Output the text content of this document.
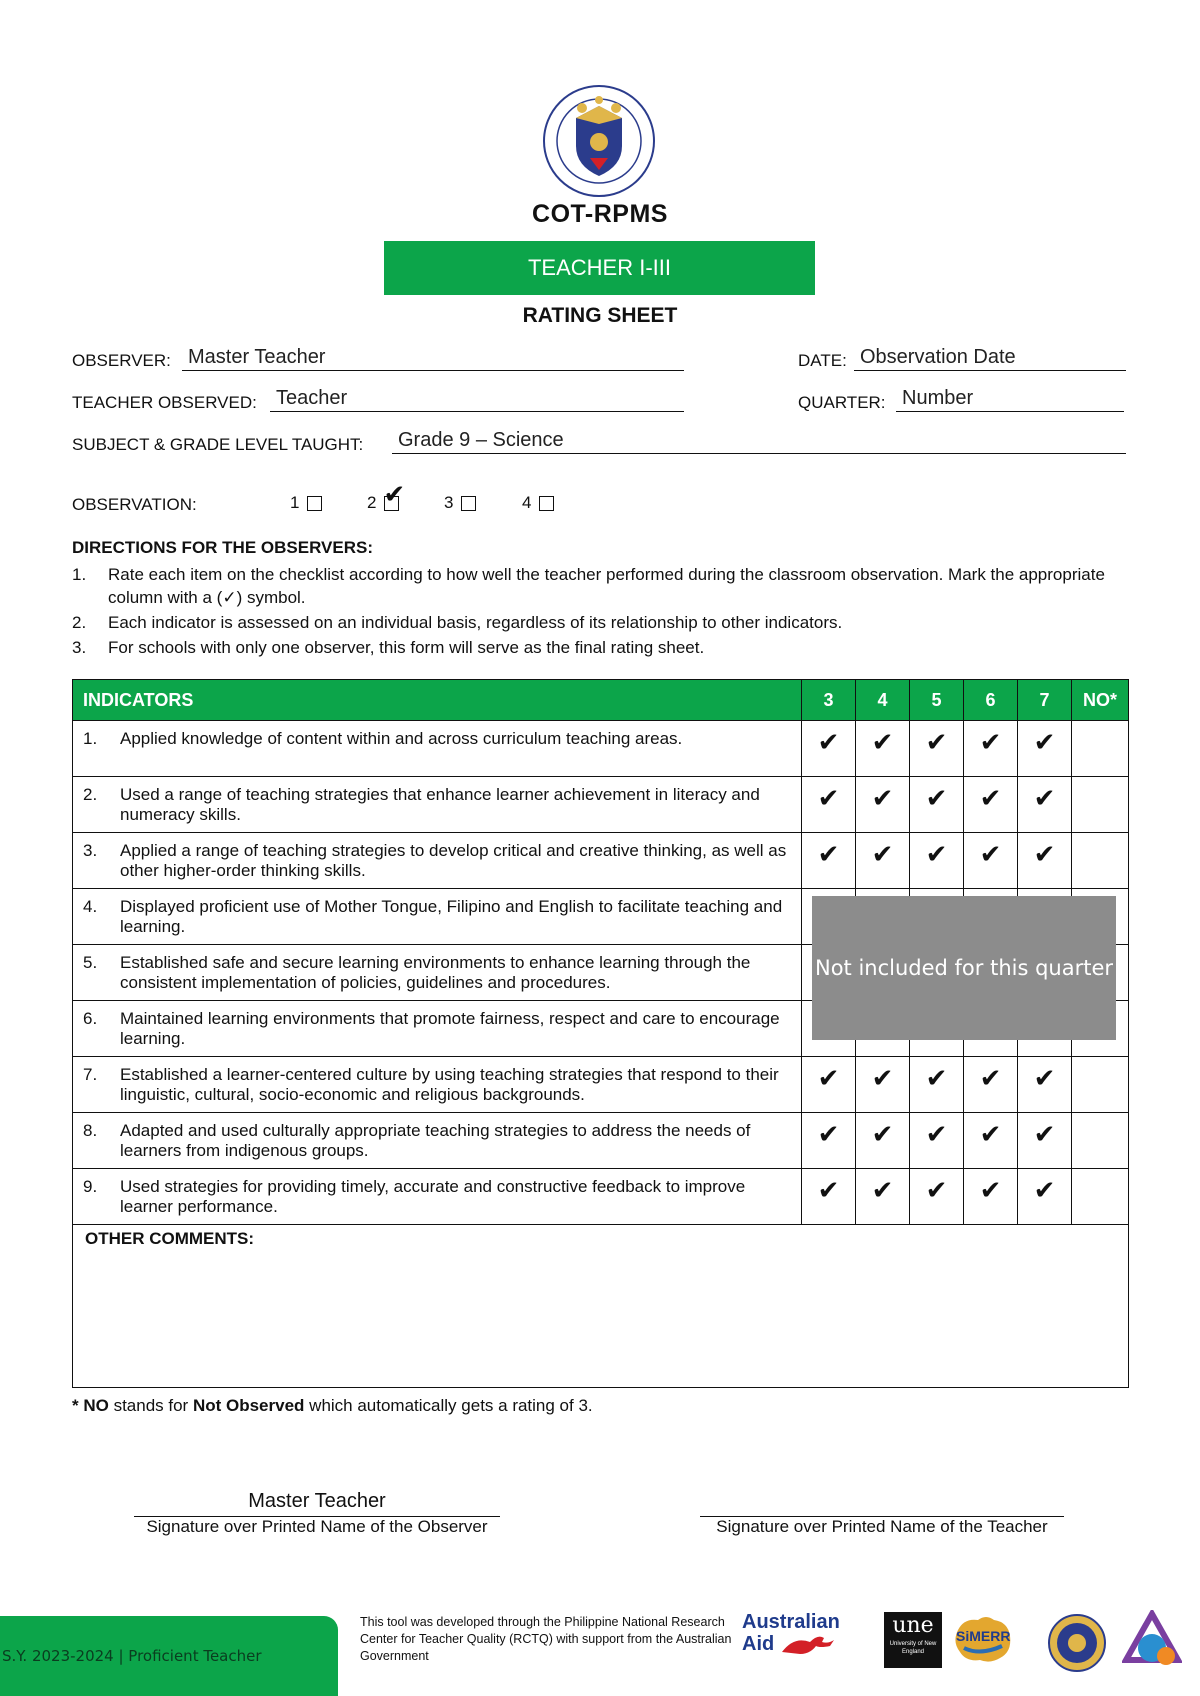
COT-RPMS
TEACHER I-III
RATING SHEET
OBSERVER: Master Teacher	DATE: Observation Date
TEACHER OBSERVED: Teacher	QUARTER: Number
SUBJECT & GRADE LEVEL TAUGHT: Grade 9 – Science
OBSERVATION:	1	2 ✔ 3	4
DIRECTIONS FOR THE OBSERVERS:
1. Rate each item on the checklist according to how well the teacher performed during the classroom observation. Mark the appropriate column with a (✓) symbol.
2. Each indicator is assessed on an individual basis, regardless of its relationship to other indicators.
3. For schools with only one observer, this form will serve as the final rating sheet.
INDICATORS	3	4	5	6	7	NO*

1. Applied knowledge of content within and across curriculum teaching areas.	✔	✔	✔	✔	✔	

2. Used a range of teaching strategies that enhance learner achievement in literacy and numeracy skills.	✔	✔	✔	✔	✔	

3. Applied a range of teaching strategies to develop critical and creative thinking, as well as other higher-order thinking skills.	✔	✔	✔	✔	✔	

4. Displayed proficient use of Mother Tongue, Filipino and English to facilitate teaching and learning.						

5. Established safe and secure learning environments to enhance learning through the consistent implementation of policies, guidelines and procedures.						

6. Maintained learning environments that promote fairness, respect and care to encourage learning.						

7. Established a learner-centered culture by using teaching strategies that respond to their linguistic, cultural, socio-economic and religious backgrounds.	✔	✔	✔	✔	✔	

8. Adapted and used culturally appropriate teaching strategies to address the needs of learners from indigenous groups.	✔	✔	✔	✔	✔	

9. Used strategies for providing timely, accurate and constructive feedback to improve learner performance.	✔	✔	✔	✔	✔	
OTHER COMMENTS:						
Not included for this quarter
* NO stands for Not Observed which automatically gets a rating of 3.
Master Teacher
Signature over Printed Name of the Observer	Signature over Printed Name of the Teacher
S.Y. 2023-2024 | Proficient Teacher
This tool was developed through the Philippine National Research Center for Teacher Quality (RCTQ) with support from the Australian Government
Australian
Aid
une
University of New England
SiMERR
